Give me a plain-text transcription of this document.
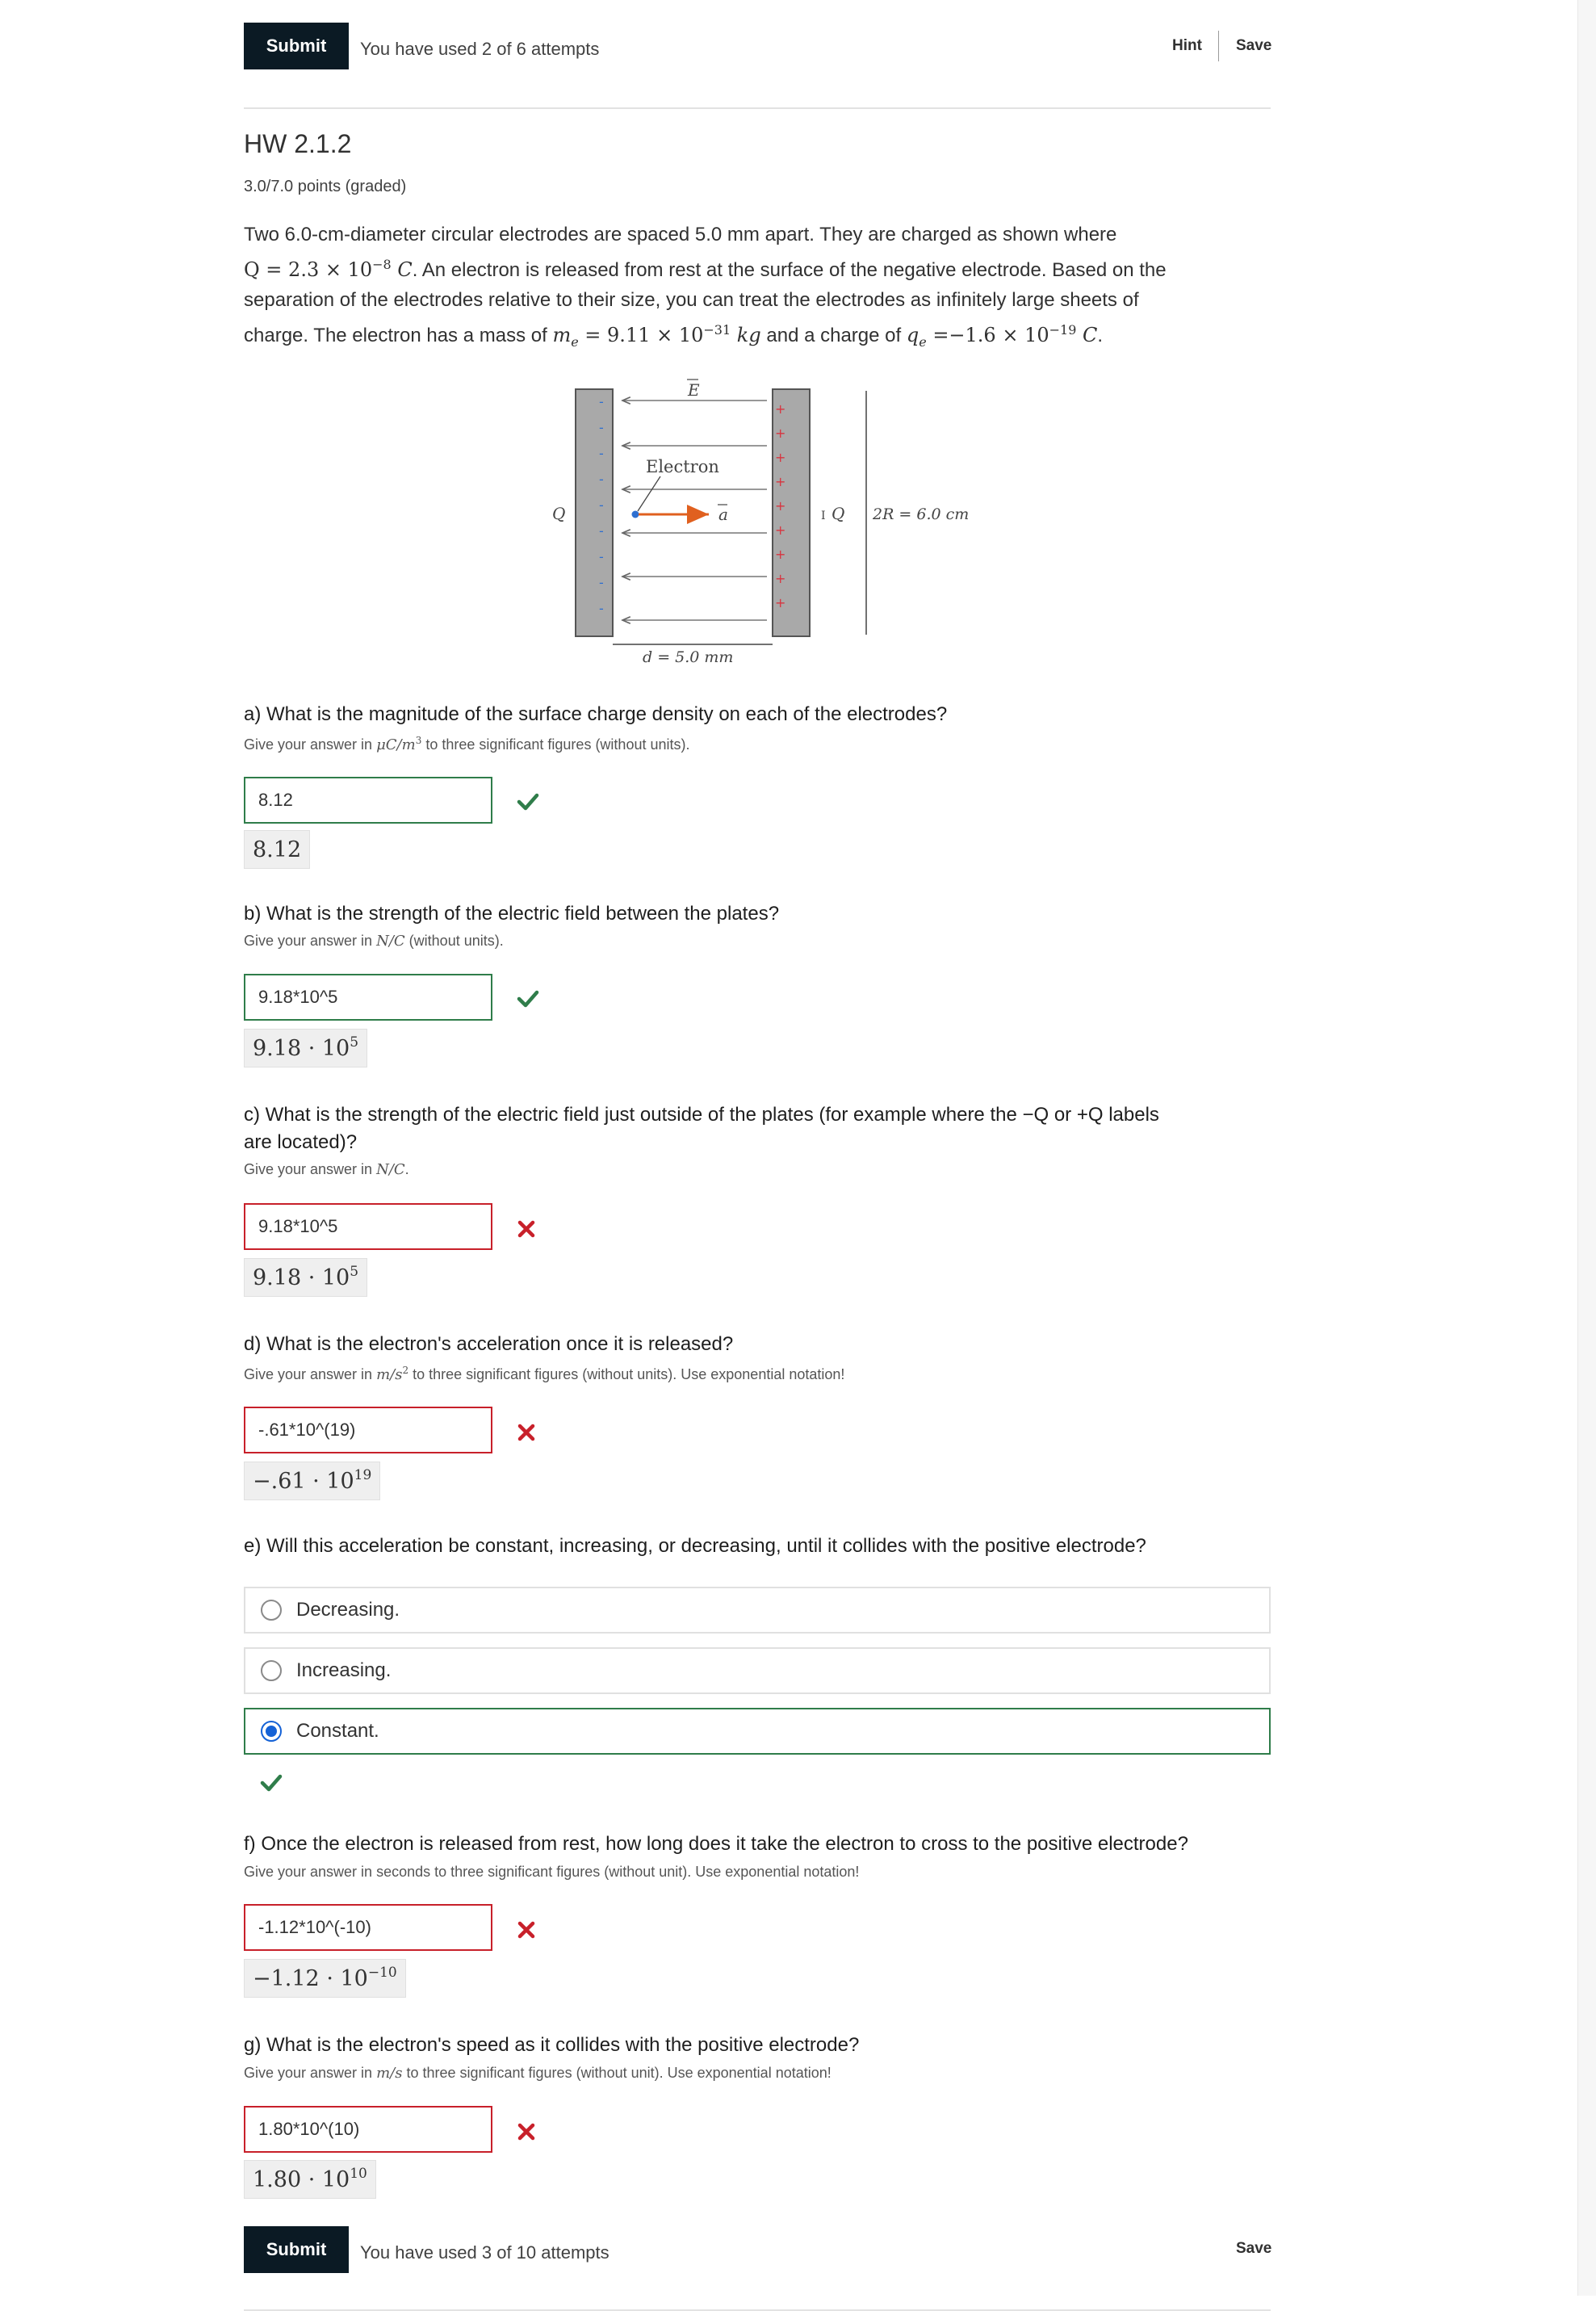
Submit	You have used 2 of 6 attempts	Hint Save
HW 2.1.2
3.0/7.0 points (graded)
Two 6.0-cm-diameter circular electrodes are spaced 5.0 mm apart. They are charged as shown where
$Q = 2.3 \times 10^{-8}$ C. An electron is released from rest at the surface of the negative electrode. Based on the
separation of the electrodes relative to their size, you can treat the electrodes as infinitely large sheets of
charge. The electron has a mass of $m_e = 9.11 \times 10^{-31}$ kg and a charge of $q_e =-1.6 \times 10^{-19}$ C.
-
-
-
-
-
-
-
-
-
+
+
+
+
+
+
+
+
+
E
Electron
a
Q	I Q 2R = 6.0 cm
d = 5.0 mm
a) What is the magnitude of the surface charge density on each of the electrodes?
Give your answer in $\mu C/m^3$ to three significant figures (without units).
8.12
8.12
b) What is the strength of the electric field between the plates?
Give your answer in N/C (without units).
9.18*10^5
$9.18 \cdot 10^5$
c) What is the strength of the electric field just outside of the plates (for example where the −Q or +Q labels
are located)?
Give your answer in N/C.
9.18*10^5
$9.18 \cdot 10^5$
d) What is the electron's acceleration once it is released?
Give your answer in $m/s^2$ to three significant figures (without units). Use exponential notation!
-.61*10^(19)
$-.61 \cdot 10^{19}$
e) Will this acceleration be constant, increasing, or decreasing, until it collides with the positive electrode?
Decreasing.
Increasing.
Constant.
f) Once the electron is released from rest, how long does it take the electron to cross to the positive electrode?
Give your answer in seconds to three significant figures (without unit). Use exponential notation!
-1.12*10^(-10)
$-1.12 \cdot 10^{-10}$
g) What is the electron's speed as it collides with the positive electrode?
Give your answer in m/s to three significant figures (without unit). Use exponential notation!
1.80*10^(10)
$1.80 \cdot 10^{10}$
Submit	You have used 3 of 10 attempts	Save
